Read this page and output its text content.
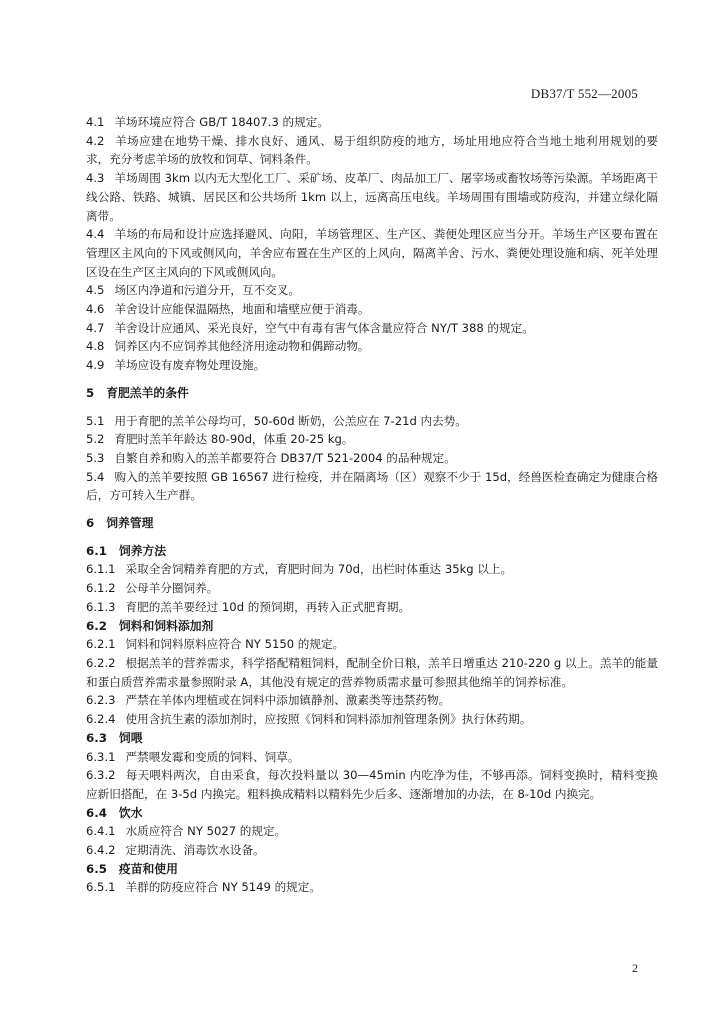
DB37/T 552—2005
4.1 羊场环境应符合 GB/T 18407.3 的规定。
4.2 羊场应建在地势干燥、排水良好、通风、易于组织防疫的地方，场址用地应符合当地土地利用规划的要求，充分考虑羊场的放牧和饲草、饲料条件。
4.3 羊场周围 3km 以内无大型化工厂、采矿场、皮革厂、肉品加工厂、屠宰场或畜牧场等污染源。羊场距离干线公路、铁路、城镇、居民区和公共场所 1km 以上，远离高压电线。羊场周围有围墙或防疫沟，并建立绿化隔离带。
4.4 羊场的布局和设计应选择避风、向阳，羊场管理区、生产区、粪便处理区应当分开。羊场生产区要布置在管理区主风向的下风或侧风向，羊舍应布置在生产区的上风向，隔离羊舍、污水、粪便处理设施和病、死羊处理区设在生产区主风向的下风或侧风向。
4.5 场区内净道和污道分开，互不交叉。
4.6 羊舍设计应能保温隔热，地面和墙壁应便于消毒。
4.7 羊舍设计应通风、采光良好，空气中有毒有害气体含量应符合 NY/T 388 的规定。
4.8 饲养区内不应饲养其他经济用途动物和偶蹄动物。
4.9 羊场应设有废弃物处理设施。
5 育肥羔羊的条件
5.1 用于育肥的羔羊公母均可，50-60d 断奶，公羔应在 7-21d 内去势。
5.2 育肥时羔羊年龄达 80-90d，体重 20-25 kg。
5.3 自繁自养和购入的羔羊都要符合 DB37/T 521-2004 的品种规定。
5.4 购入的羔羊要按照 GB 16567 进行检疫，并在隔离场（区）观察不少于 15d，经兽医检查确定为健康合格后，方可转入生产群。
6 饲养管理
6.1 饲养方法
6.1.1 采取全舍饲精养育肥的方式，育肥时间为 70d，出栏时体重达 35kg 以上。
6.1.2 公母羊分圈饲养。
6.1.3 育肥的羔羊要经过 10d 的预饲期，再转入正式肥育期。
6.2 饲料和饲料添加剂
6.2.1 饲料和饲料原料应符合 NY 5150 的规定。
6.2.2 根据羔羊的营养需求，科学搭配精粗饲料，配制全价日粮，羔羊日增重达 210-220 g 以上。羔羊的能量和蛋白质营养需求量参照附录 A，其他没有规定的营养物质需求量可参照其他绵羊的饲养标准。
6.2.3 严禁在羊体内埋植或在饲料中添加镇静剂、激素类等违禁药物。
6.2.4 使用含抗生素的添加剂时，应按照《饲料和饲料添加剂管理条例》执行休药期。
6.3 饲喂
6.3.1 严禁喂发霉和变质的饲料、饲草。
6.3.2 每天喂料两次，自由采食，每次投料量以 30—45min 内吃净为佳，不够再添。饲料变换时，精料变换应新旧搭配，在 3-5d 内换完。粗料换成精料以精料先少后多、逐渐增加的办法，在 8-10d 内换完。
6.4 饮水
6.4.1 水质应符合 NY 5027 的规定。
6.4.2 定期清洗、消毒饮水设备。
6.5 疫苗和使用
6.5.1 羊群的防疫应符合 NY 5149 的规定。
2
